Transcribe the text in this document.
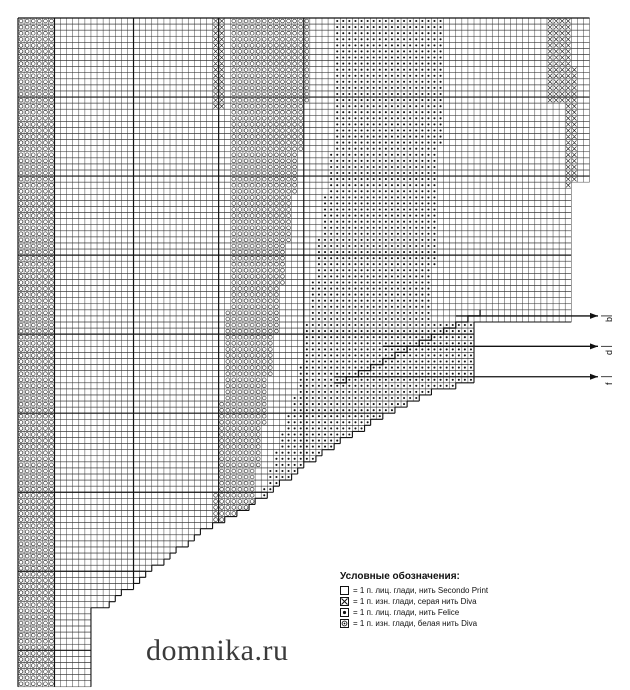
Условные обозначения:
= 1 п. лиц. глади, нить Secondo Print
= 1 п. изн. глади, серая нить Diva
= 1 п. лиц. глади, нить Felice
= 1 п. изн. глади, белая нить Diva
b
d
f
domnika.ru
